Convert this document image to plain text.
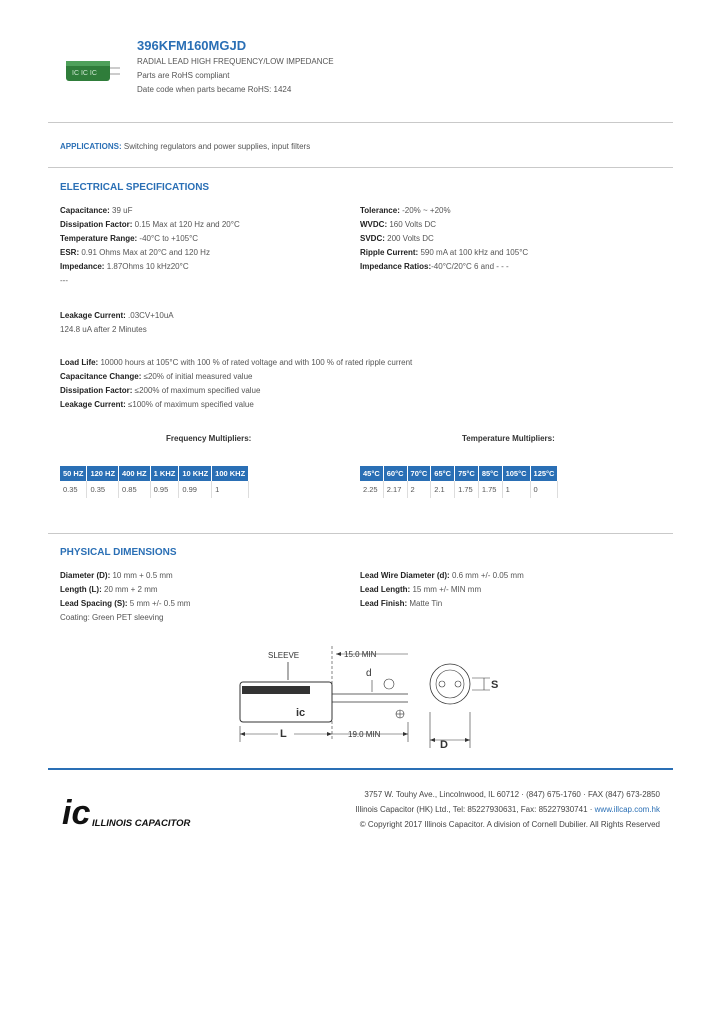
IC IC IC
396KFM160MGJD
RADIAL LEAD HIGH FREQUENCY/LOW IMPEDANCE
Parts are RoHS compliant
Date code when parts became RoHS: 1424
APPLICATIONS: Switching regulators and power supplies, input filters
ELECTRICAL SPECIFICATIONS
Capacitance: 39 uF
Dissipation Factor: 0.15 Max at 120 Hz and 20°C
Temperature Range: -40°C to +105°C
ESR: 0.91 Ohms Max at 20°C and 120 Hz
Impedance: 1.87Ohms 10 kHz20°C
---
Tolerance: -20% ~ +20%
WVDC: 160 Volts DC
SVDC: 200 Volts DC
Ripple Current: 590 mA at 100 kHz and 105°C
Impedance Ratios:-40°C/20°C 6 and - - -
Leakage Current: .03CV+10uA
124.8 uA after 2 Minutes
Load Life: 10000 hours at 105°C with 100 % of rated voltage and with 100 % of rated ripple current
Capacitance Change: ≤20% of initial measured value
Dissipation Factor: ≤200% of maximum specified value
Leakage Current: ≤100% of maximum specified value
Frequency Multipliers:	Temperature Multipliers:
50 HZ	120 HZ	400 HZ	1 KHZ	10 KHZ	100 KHZ
0.35	0.35	0.85	0.95	0.99	1
45°C	60°C	70°C	65°C	75°C	85°C	105°C	125°C
2.25	2.17	2	2.1	1.75	1.75	1	0
PHYSICAL DIMENSIONS
Diameter (D): 10 mm + 0.5 mm
Length (L): 20 mm + 2 mm
Lead Spacing (S): 5 mm +/- 0.5 mm
Coating: Green PET sleeving
Lead Wire Diameter (d): 0.6 mm +/- 0.05 mm
Lead Length: 15 mm +/- MIN mm
Lead Finish: Matte Tin
SLEEVE	15.0 MIN
ic
d
L	19.0 MIN
S
D
ic ILLINOIS CAPACITOR
3757 W. Touhy Ave., Lincolnwood, IL 60712 · (847) 675-1760 · FAX (847) 673-2850
Illinois Capacitor (HK) Ltd., Tel: 85227930631, Fax: 85227930741 · www.illcap.com.hk
© Copyright 2017 Illinois Capacitor. A division of Cornell Dubilier. All Rights Reserved
